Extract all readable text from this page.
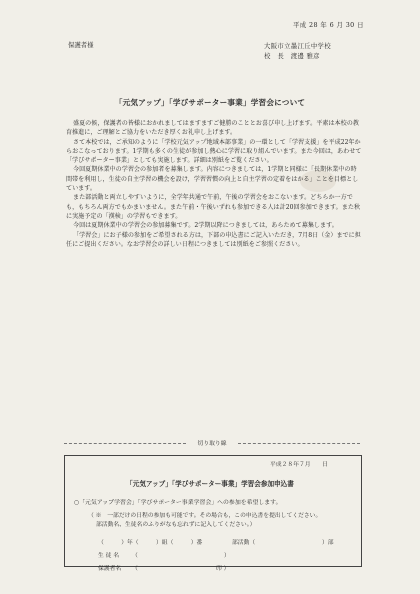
平成 28 年 6 月 30 日
保護者様	大阪市立墨江丘中学校
校　長　渡邊 雅彦
「元気アップ」「学びサポーター事業」学習会について

盛夏の候，保護者の皆様におかれましてはますますご健勝のこととお喜び申し上げます。平素は本校の教育推進に，ご理解とご協力をいただき厚くお礼申し上げます。

さて本校では，ご承知のように「学校元気アップ地域本部事業」の一環として「学習支援」を平成22年からおこなっております。1学期も多くの生徒が参加し熱心に学習に取り組んでいます。また今回は，あわせて「学びサポーター事業」としても実施します。詳細は別紙をご覧ください。

今回夏期休業中の学習会の参加者を募集します。内容につきましては，1学期と同様に「長期休業中の時間帯を利用し，生徒の自主学習の機会を設け，学習習慣の向上と自主学習の定着をはかる」ことを目標としています。

また部活動と両立しやすいように，全学年共通で午前，午後の学習会をおこないます。どちらか一方でも，もちろん両方でもかまいません。また午前・午後いずれも参加できる人は計20回参加できます。また秋に実施予定の「漢検」の学習もできます。

今回は夏期休業中の学習会の参加募集です。2学期以降につきましては，あらためて募集します。

「学習会」にお子様の参加をご希望される方は，下部の申込書にご記入いただき，7月8日（金）までに担任にご提出ください。なお学習会の詳しい日程につきましては別紙をご参照ください。

切り取り線
平成２８年７月　　日
「元気アップ」「学びサポーター事業」学習会参加申込書
○「元気アップ学習会」「学びサポーター事業学習会」への参加を希望します。
（ ※　一部だけの日程の参加も可能です。その場合も，この申込書を提出してください。
部活動名、生徒名のふりがなも忘れずに記入してください。）
（　　　）年（　　　）組（　　　）番	部活動（	）部
生 徒 名 （	）
保護者名 （	印 ）
